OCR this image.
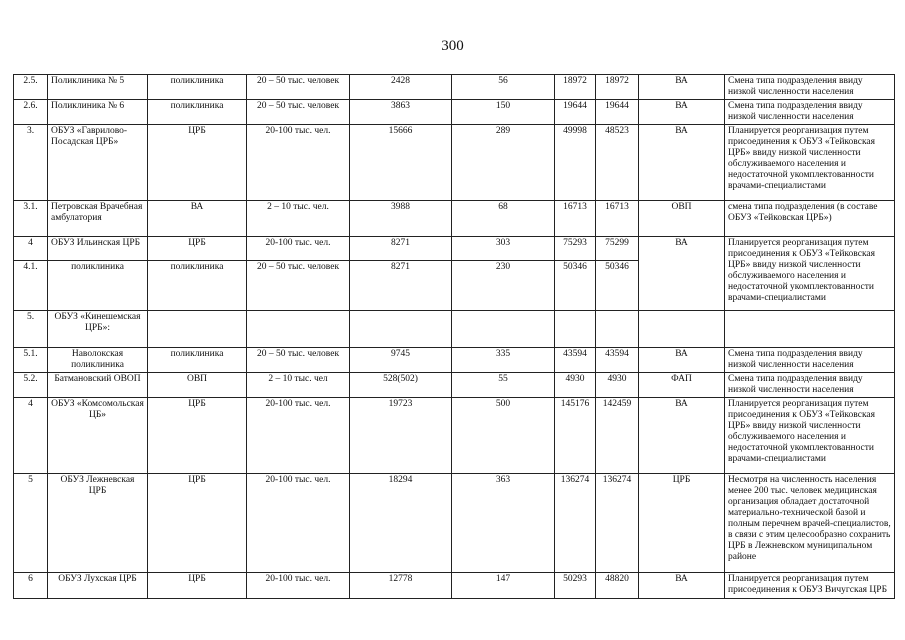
300
2.5.	Поликлиника № 5	поликлиника	20 – 50 тыс. человек	2428	56	18972	18972	ВА	Смена типа подразделения ввиду низкой численности населения
2.6.	Поликлиника № 6	поликлиника	20 – 50 тыс. человек	3863	150	19644	19644	ВА	Смена типа подразделения ввиду низкой численности населения
3.	ОБУЗ «Гаврилово-Посадская ЦРБ»	ЦРБ	20-100 тыс. чел.	15666	289	49998	48523	ВА	Планируется реорганизация путем присоединения к ОБУЗ «Тейковская ЦРБ» ввиду низкой численности обслуживаемого населения и недостаточной укомплектованности врачами-специалистами
3.1.	Петровская Врачебная амбулатория	ВА	2 – 10 тыс. чел.	3988	68	16713	16713	ОВП	смена типа подразделения (в составе ОБУЗ «Тейковская ЦРБ»)
4	ОБУЗ Ильинская ЦРБ	ЦРБ	20-100 тыс. чел.	8271	303	75293	75299	ВА	Планируется реорганизация путем присоединения к ОБУЗ «Тейковская ЦРБ» ввиду низкой численности обслуживаемого населения и недостаточной укомплектованности врачами-специалистами
4.1.	поликлиника	поликлиника	20 – 50 тыс. человек	8271	230	50346	50346		
5.	ОБУЗ «Кинешемская ЦРБ»:								
5.1.	Наволокская поликлиника	поликлиника	20 – 50 тыс. человек	9745	335	43594	43594	ВА	Смена типа подразделения ввиду низкой численности населения
5.2.	Батмановский ОВОП	ОВП	2 – 10 тыс. чел	528(502)	55	4930	4930	ФАП	Смена типа подразделения ввиду низкой численности населения
4	ОБУЗ «Комсомольская ЦБ»	ЦРБ	20-100 тыс. чел.	19723	500	145176	142459	ВА	Планируется реорганизация путем присоединения к ОБУЗ «Тейковская ЦРБ» ввиду низкой численности обслуживаемого населения и недостаточной укомплектованности врачами-специалистами
5	ОБУЗ Лежневская ЦРБ	ЦРБ	20-100 тыс. чел.	18294	363	136274	136274	ЦРБ	Несмотря на численность населения менее 200 тыс. человек медицинская организация обладает достаточной материально-технической базой и полным перечнем врачей-специалистов, в связи с этим целесообразно сохранить ЦРБ в Лежневском муниципальном районе
6	ОБУЗ Лухская ЦРБ	ЦРБ	20-100 тыс. чел.	12778	147	50293	48820	ВА	Планируется реорганизация путем присоединения к ОБУЗ Вичугская ЦРБ
